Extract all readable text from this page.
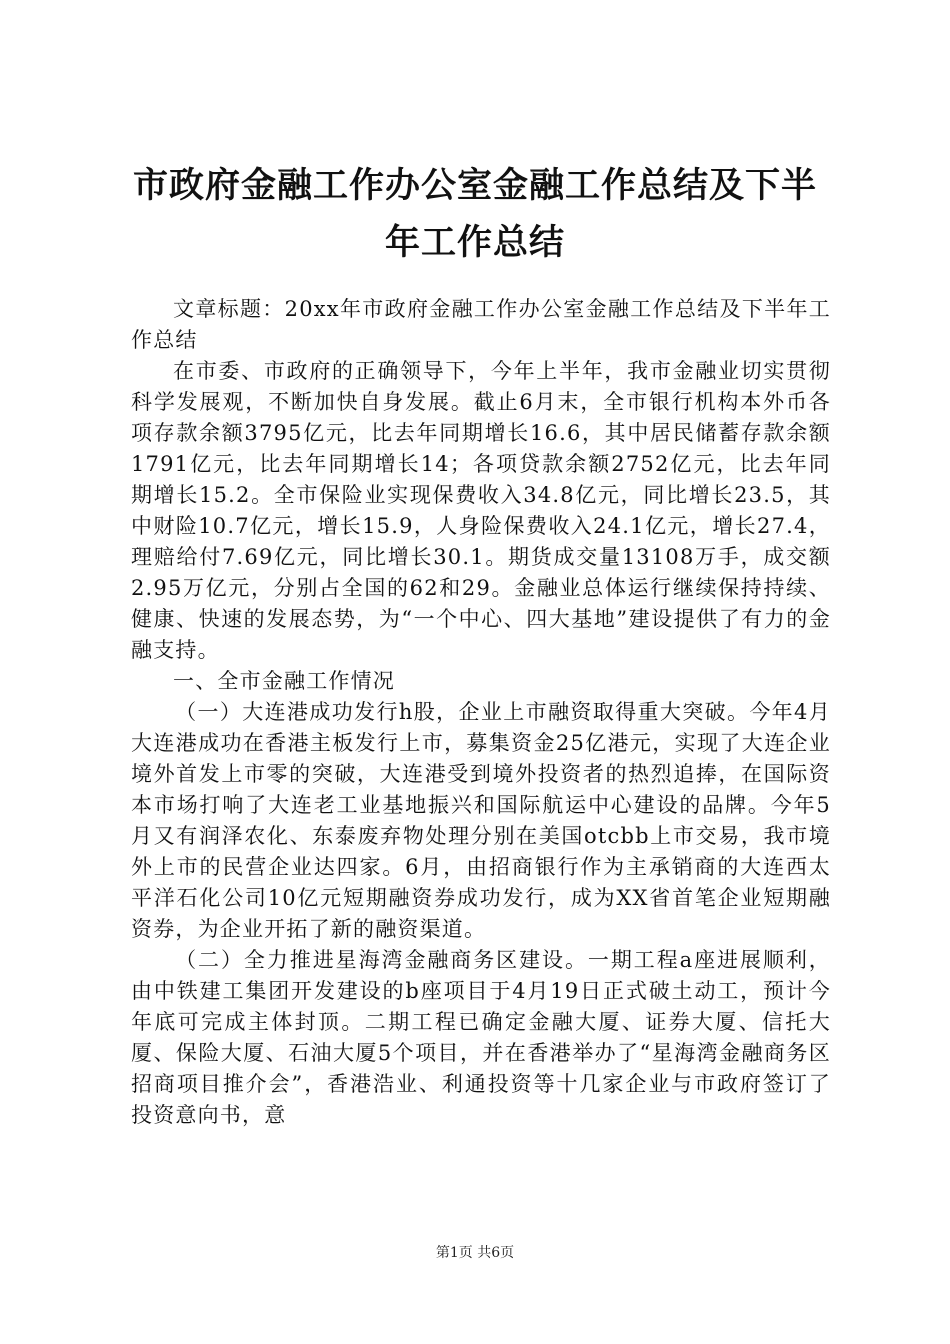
市政府金融工作办公室金融工作总结及下半年工作总结

文章标题：20xx年市政府金融工作办公室金融工作总结及下半年工作总结

在市委、市政府的正确领导下，今年上半年，我市金融业切实贯彻科学发展观，不断加快自身发展。截止6月末，全市银行机构本外币各项存款余额3795亿元，比去年同期增长16.6，其中居民储蓄存款余额1791亿元，比去年同期增长14；各项贷款余额2752亿元，比去年同期增长15.2。全市保险业实现保费收入34.8亿元，同比增长23.5，其中财险10.7亿元，增长15.9，人身险保费收入24.1亿元，增长27.4，理赔给付7.69亿元，同比增长30.1。期货成交量13108万手，成交额2.95万亿元，分别占全国的62和29。金融业总体运行继续保持持续、健康、快速的发展态势，为“一个中心、四大基地”建设提供了有力的金融支持。

一、全市金融工作情况

（一）大连港成功发行h股，企业上市融资取得重大突破。今年4月大连港成功在香港主板发行上市，募集资金25亿港元，实现了大连企业境外首发上市零的突破，大连港受到境外投资者的热烈追捧，在国际资本市场打响了大连老工业基地振兴和国际航运中心建设的品牌。今年5月又有润泽农化、东泰废弃物处理分别在美国otcbb上市交易，我市境外上市的民营企业达四家。6月，由招商银行作为主承销商的大连西太平洋石化公司10亿元短期融资券成功发行，成为XX省首笔企业短期融资券，为企业开拓了新的融资渠道。

（二）全力推进星海湾金融商务区建设。一期工程a座进展顺利，由中铁建工集团开发建设的b座项目于4月19日正式破土动工，预计今年底可完成主体封顶。二期工程已确定金融大厦、证券大厦、信托大厦、保险大厦、石油大厦5个项目，并在香港举办了“星海湾金融商务区招商项目推介会”，香港浩业、利通投资等十几家企业与市政府签订了投资意向书，意

第1页 共6页
